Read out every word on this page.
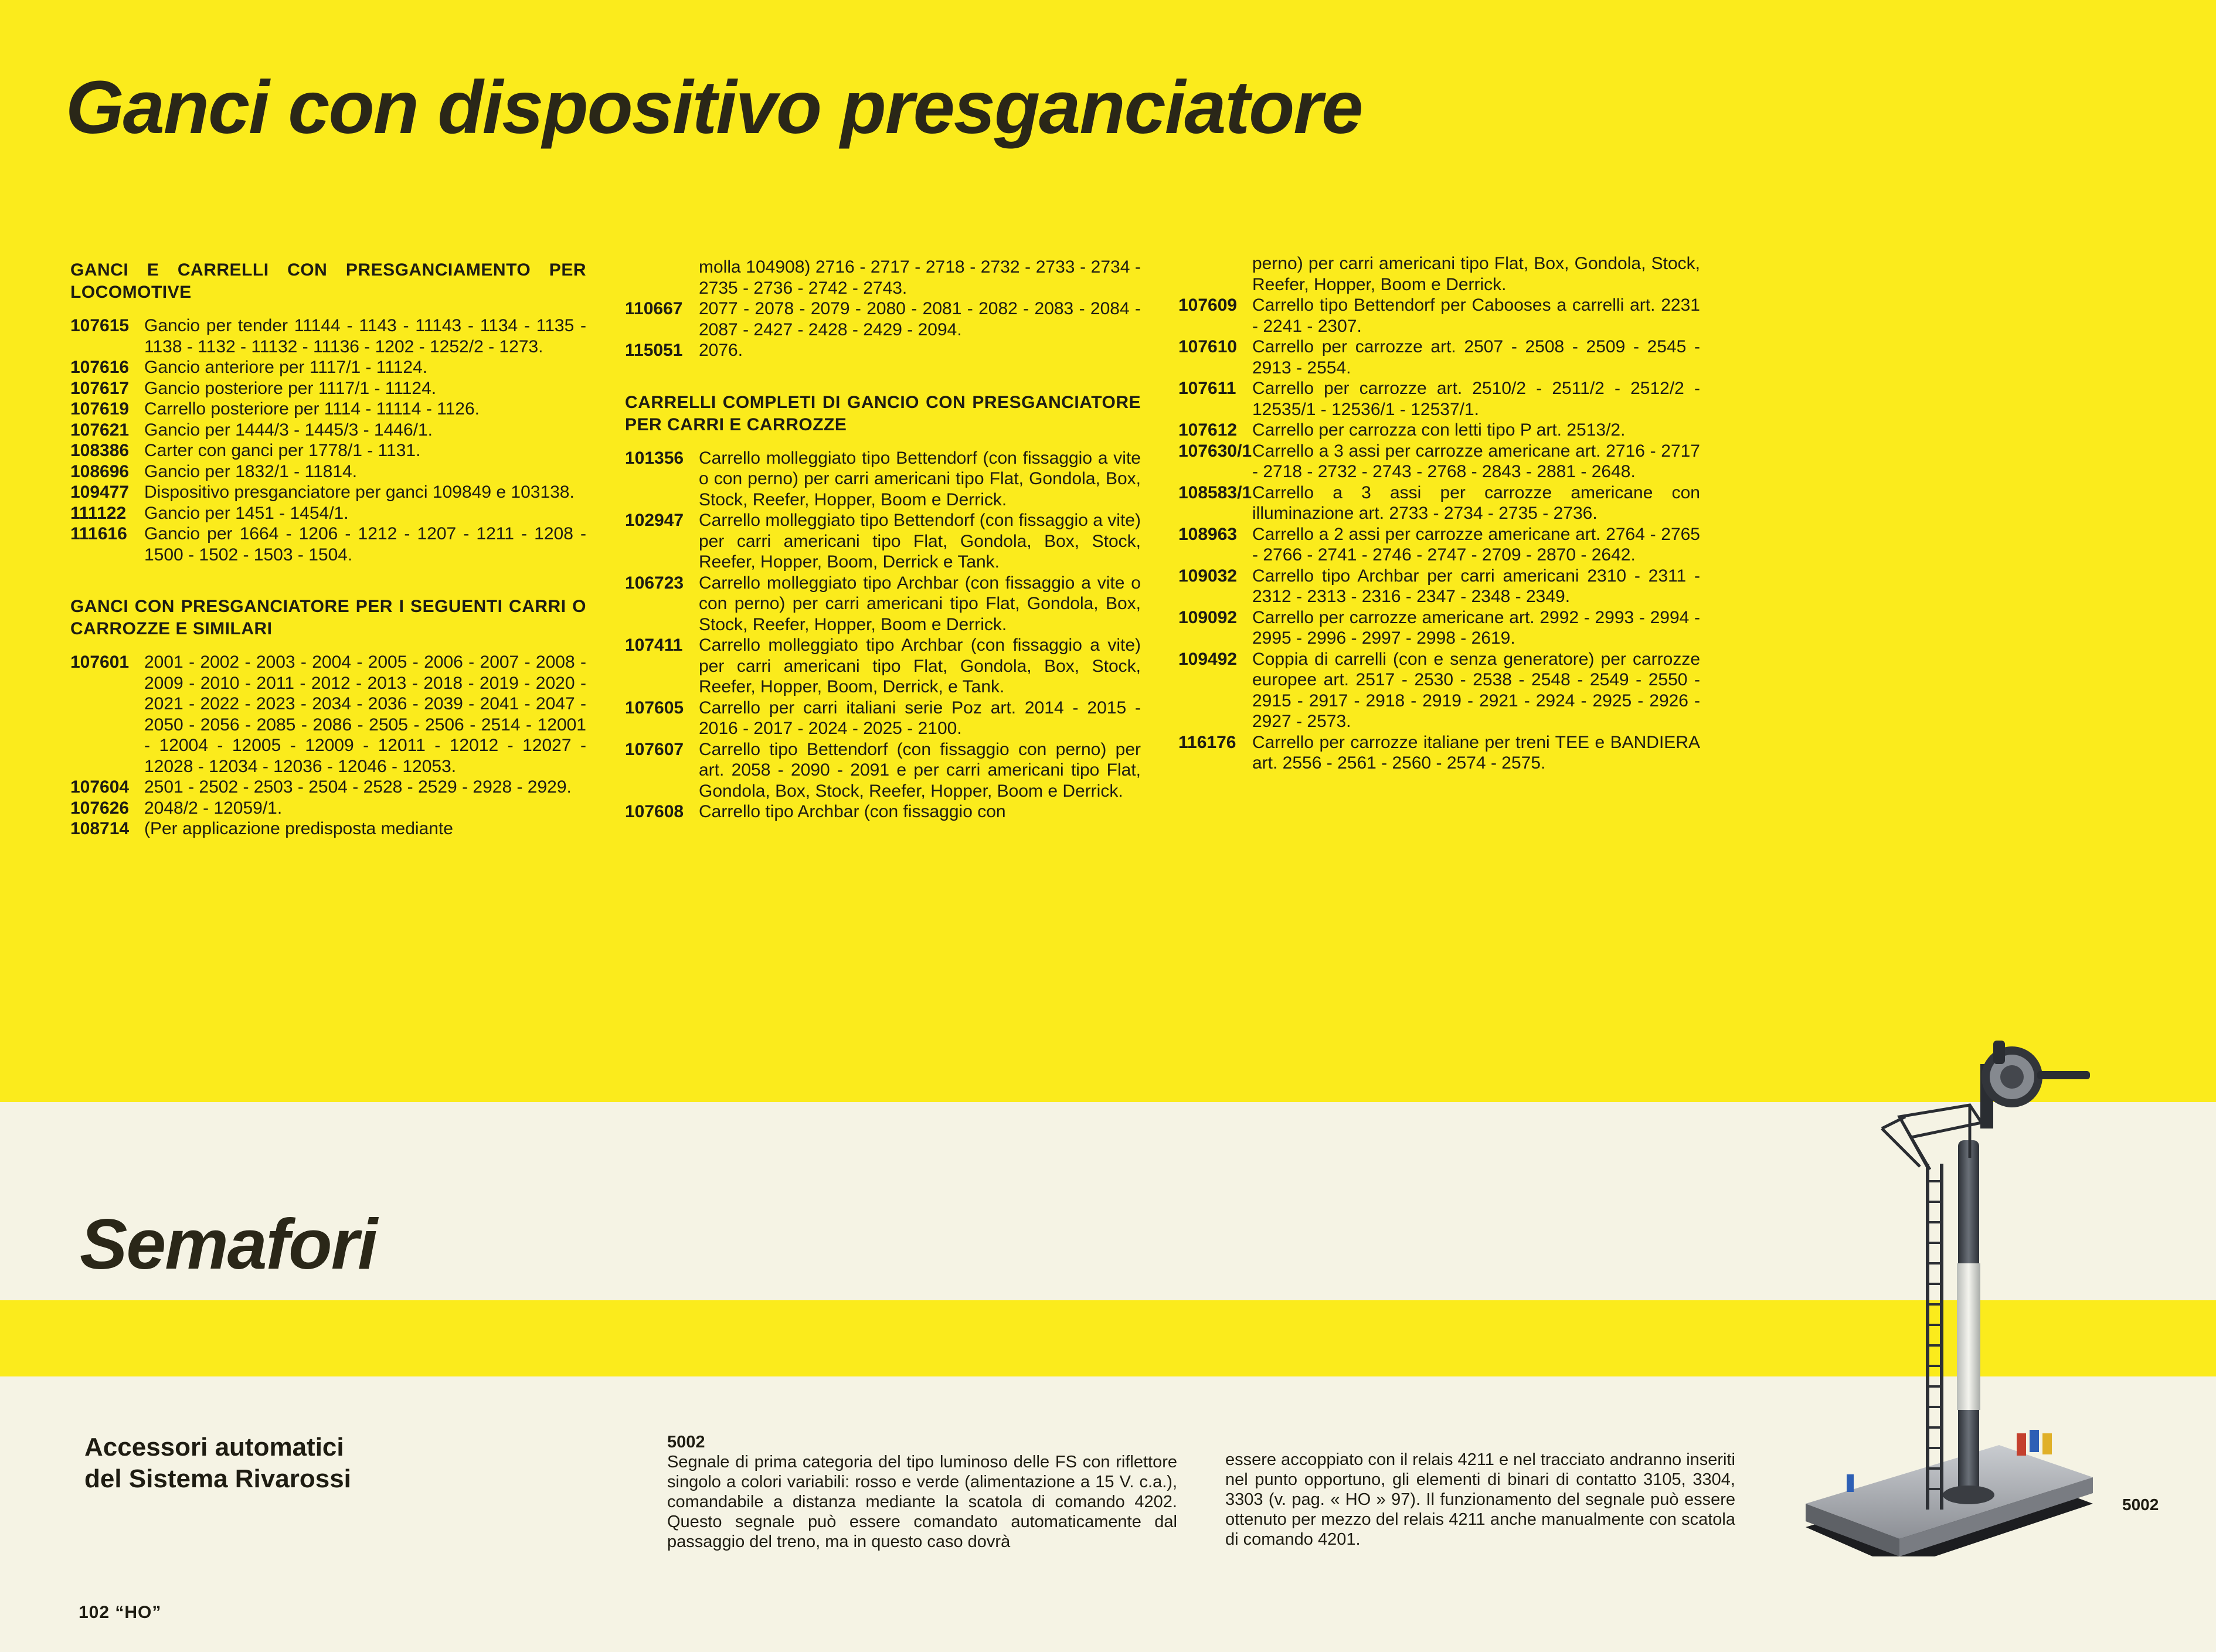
Ganci con dispositivo presganciatore
GANCI E CARRELLI CON PRESGANCIAMENTO PER LOCOMOTIVE
107615 Gancio per tender 11144 - 1143 - 11143 - 1134 - 1135 - 1138 - 1132 - 11132 - 11136 - 1202 - 1252/2 - 1273.
107616 Gancio anteriore per 1117/1 - 11124.
107617 Gancio posteriore per 1117/1 - 11124.
107619 Carrello posteriore per 1114 - 11114 - 1126.
107621 Gancio per 1444/3 - 1445/3 - 1446/1.
108386 Carter con ganci per 1778/1 - 1131.
108696 Gancio per 1832/1 - 11814.
109477 Dispositivo presganciatore per ganci 109849 e 103138.
111122	Gancio per 1451 - 1454/1.
111616 Gancio per 1664 - 1206 - 1212 - 1207 - 1211 - 1208 - 1500 - 1502 - 1503 - 1504.
GANCI CON PRESGANCIATORE PER I SEGUENTI CARRI O CARROZZE E SIMILARI
107601 2001 - 2002 - 2003 - 2004 - 2005 - 2006 - 2007 - 2008 - 2009 - 2010 - 2011 - 2012 - 2013 - 2018 - 2019 - 2020 - 2021 - 2022 - 2023 - 2034 - 2036 - 2039 - 2041 - 2047 - 2050 - 2056 - 2085 - 2086 - 2505 - 2506 - 2514 - 12001 - 12004 - 12005 - 12009 - 12011 - 12012 - 12027 - 12028 - 12034 - 12036 - 12046 - 12053.
107604 2501 - 2502 - 2503 - 2504 - 2528 - 2529 - 2928 - 2929.
107626 2048/2 - 12059/1.
108714 (Per applicazione predisposta mediante
molla 104908) 2716 - 2717 - 2718 - 2732 - 2733 - 2734 - 2735 - 2736 - 2742 - 2743.
110667 2077 - 2078 - 2079 - 2080 - 2081 - 2082 - 2083 - 2084 - 2087 - 2427 - 2428 - 2429 - 2094.
115051 2076.
CARRELLI COMPLETI DI GANCIO CON PRESGANCIATORE PER CARRI E CARROZZE
101356 Carrello molleggiato tipo Bettendorf (con fissaggio a vite o con perno) per carri americani tipo Flat, Gondola, Box, Stock, Reefer, Hopper, Boom e Derrick.
102947 Carrello molleggiato tipo Bettendorf (con fissaggio a vite) per carri americani tipo Flat, Gondola, Box, Stock, Reefer, Hopper, Boom, Derrick e Tank.
106723 Carrello molleggiato tipo Archbar (con fissaggio a vite o con perno) per carri americani tipo Flat, Gondola, Box, Stock, Reefer, Hopper, Boom e Derrick.
107411 Carrello molleggiato tipo Archbar (con fissaggio a vite) per carri americani tipo Flat, Gondola, Box, Stock, Reefer, Hopper, Boom, Derrick, e Tank.
107605 Carrello per carri italiani serie Poz art. 2014 - 2015 - 2016 - 2017 - 2024 - 2025 - 2100.
107607 Carrello tipo Bettendorf (con fissaggio con perno) per art. 2058 - 2090 - 2091 e per carri americani tipo Flat, Gondola, Box, Stock, Reefer, Hopper, Boom e Derrick.
107608 Carrello tipo Archbar (con fissaggio con
perno) per carri americani tipo Flat, Box, Gondola, Stock, Reefer, Hopper, Boom e Derrick.
107609 Carrello tipo Bettendorf per Cabooses a carrelli art. 2231 - 2241 - 2307.
107610 Carrello per carrozze art. 2507 - 2508 - 2509 - 2545 - 2913 - 2554.
107611 Carrello per carrozze art. 2510/2 - 2511/2 - 2512/2 - 12535/1 - 12536/1 - 12537/1.
107612 Carrello per carrozza con letti tipo P art. 2513/2.
107630/1 Carrello a 3 assi per carrozze americane art. 2716 - 2717 - 2718 - 2732 - 2743 - 2768 - 2843 - 2881 - 2648.
108583/1 Carrello a 3 assi per carrozze americane con illuminazione art. 2733 - 2734 - 2735 - 2736.
108963 Carrello a 2 assi per carrozze americane art. 2764 - 2765 - 2766 - 2741 - 2746 - 2747 - 2709 - 2870 - 2642.
109032 Carrello tipo Archbar per carri americani 2310 - 2311 - 2312 - 2313 - 2316 - 2347 - 2348 - 2349.
109092 Carrello per carrozze americane art. 2992 - 2993 - 2994 - 2995 - 2996 - 2997 - 2998 - 2619.
109492 Coppia di carrelli (con e senza generatore) per carrozze europee art. 2517 - 2530 - 2538 - 2548 - 2549 - 2550 - 2915 - 2917 - 2918 - 2919 - 2921 - 2924 - 2925 - 2926 - 2927 - 2573.
116176 Carrello per carrozze italiane per treni TEE e BANDIERA art. 2556 - 2561 - 2560 - 2574 - 2575.
Semafori
Accessori automatici
del Sistema Rivarossi
5002
Segnale di prima categoria del tipo luminoso delle FS con riflettore singolo a colori variabili: rosso e verde (alimentazione a 15 V. c.a.), comandabile a distanza mediante la scatola di comando 4202. Questo segnale può essere comandato automaticamente dal passaggio del treno, ma in questo caso dovrà
essere accoppiato con il relais 4211 e nel tracciato andranno inseriti nel punto opportuno, gli elementi di binari di contatto 3105, 3304, 3303 (v. pag. « HO » 97). Il funzionamento del segnale può essere ottenuto per mezzo del relais 4211 anche manualmente con scatola di comando 4201.
5002
102 “HO”
